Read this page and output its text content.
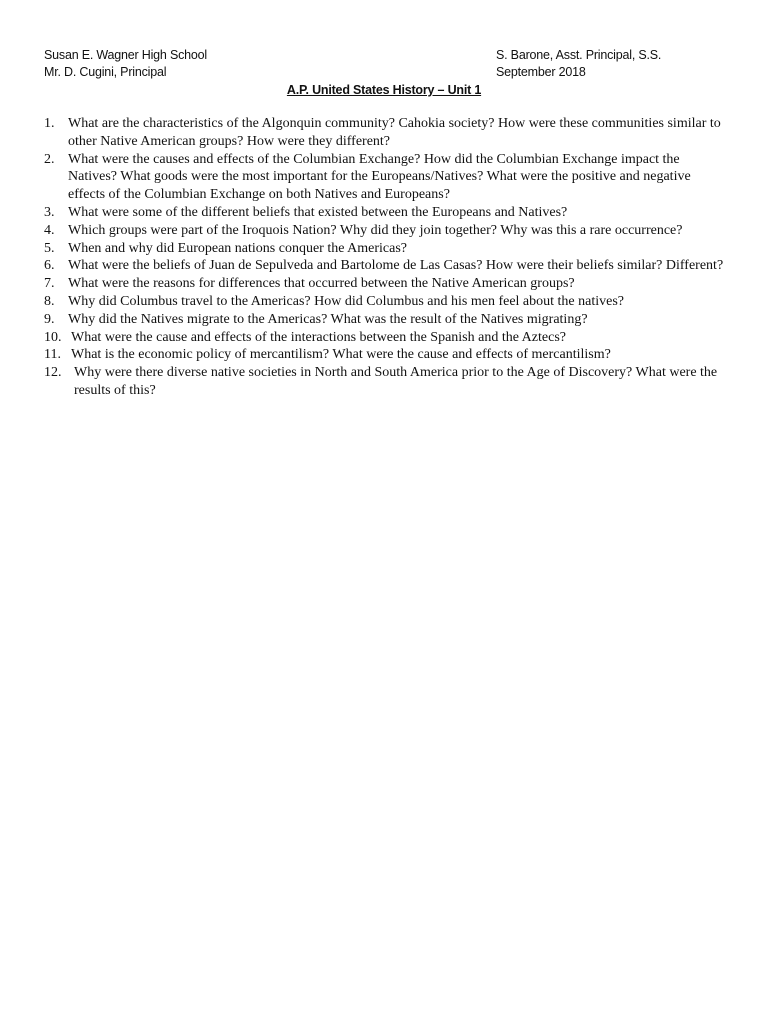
Susan E. Wagner High School
Mr. D. Cugini, Principal
S. Barone, Asst. Principal, S.S.
September 2018
A.P. United States History – Unit 1
1. What are the characteristics of the Algonquin community? Cahokia society? How were these communities similar to other Native American groups? How were they different?
2. What were the causes and effects of the Columbian Exchange? How did the Columbian Exchange impact the Natives? What goods were the most important for the Europeans/Natives? What were the positive and negative effects of the Columbian Exchange on both Natives and Europeans?
3. What were some of the different beliefs that existed between the Europeans and Natives?
4. Which groups were part of the Iroquois Nation? Why did they join together? Why was this a rare occurrence?
5. When and why did European nations conquer the Americas?
6. What were the beliefs of Juan de Sepulveda and Bartolome de Las Casas? How were their beliefs similar? Different?
7. What were the reasons for differences that occurred between the Native American groups?
8. Why did Columbus travel to the Americas? How did Columbus and his men feel about the natives?
9. Why did the Natives migrate to the Americas? What was the result of the Natives migrating?
10. What were the cause and effects of the interactions between the Spanish and the Aztecs?
11. What is the economic policy of mercantilism? What were the cause and effects of mercantilism?
12. Why were there diverse native societies in North and South America prior to the Age of Discovery? What were the results of this?
